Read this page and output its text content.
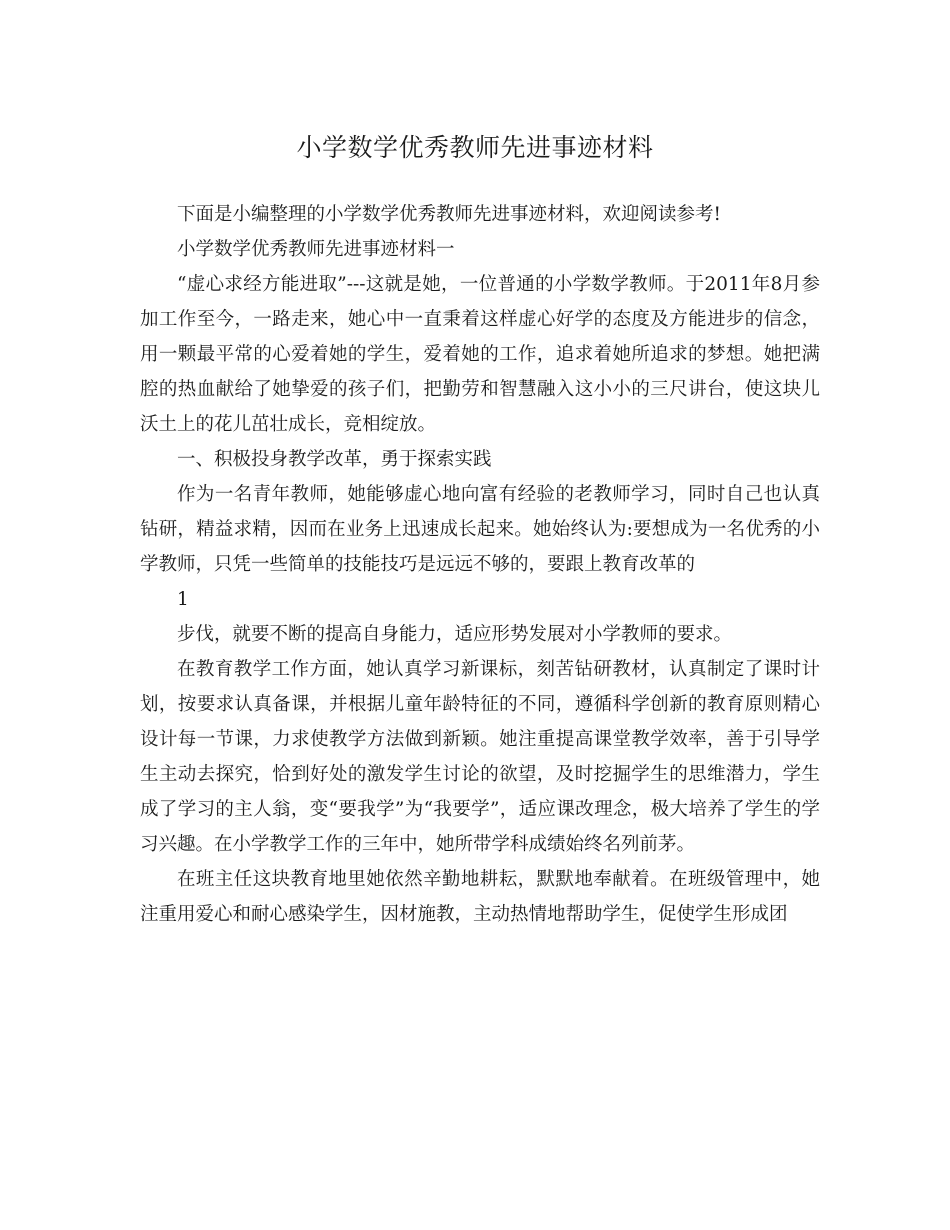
小学数学优秀教师先进事迹材料

下面是小编整理的小学数学优秀教师先进事迹材料，欢迎阅读参考!

小学数学优秀教师先进事迹材料一

“虚心求经方能进取”---这就是她，一位普通的小学数学教师。于2011年8月参加工作至今，一路走来，她心中一直秉着这样虚心好学的态度及方能进步的信念，用一颗最平常的心爱着她的学生，爱着她的工作，追求着她所追求的梦想。她把满腔的热血献给了她挚爱的孩子们，把勤劳和智慧融入这小小的三尺讲台，使这块儿沃土上的花儿茁壮成长，竞相绽放。

一、积极投身教学改革，勇于探索实践

作为一名青年教师，她能够虚心地向富有经验的老教师学习，同时自己也认真钻研，精益求精，因而在业务上迅速成长起来。她始终认为:要想成为一名优秀的小学教师，只凭一些简单的技能技巧是远远不够的，要跟上教育改革的

1

步伐，就要不断的提高自身能力，适应形势发展对小学教师的要求。

在教育教学工作方面，她认真学习新课标，刻苦钻研教材，认真制定了课时计划，按要求认真备课，并根据儿童年龄特征的不同，遵循科学创新的教育原则精心设计每一节课，力求使教学方法做到新颖。她注重提高课堂教学效率，善于引导学生主动去探究，恰到好处的激发学生讨论的欲望，及时挖掘学生的思维潜力，学生成了学习的主人翁，变“要我学”为“我要学”，适应课改理念，极大培养了学生的学习兴趣。在小学教学工作的三年中，她所带学科成绩始终名列前茅。

在班主任这块教育地里她依然辛勤地耕耘，默默地奉献着。在班级管理中，她注重用爱心和耐心感染学生，因材施教，主动热情地帮助学生，促使学生形成团
